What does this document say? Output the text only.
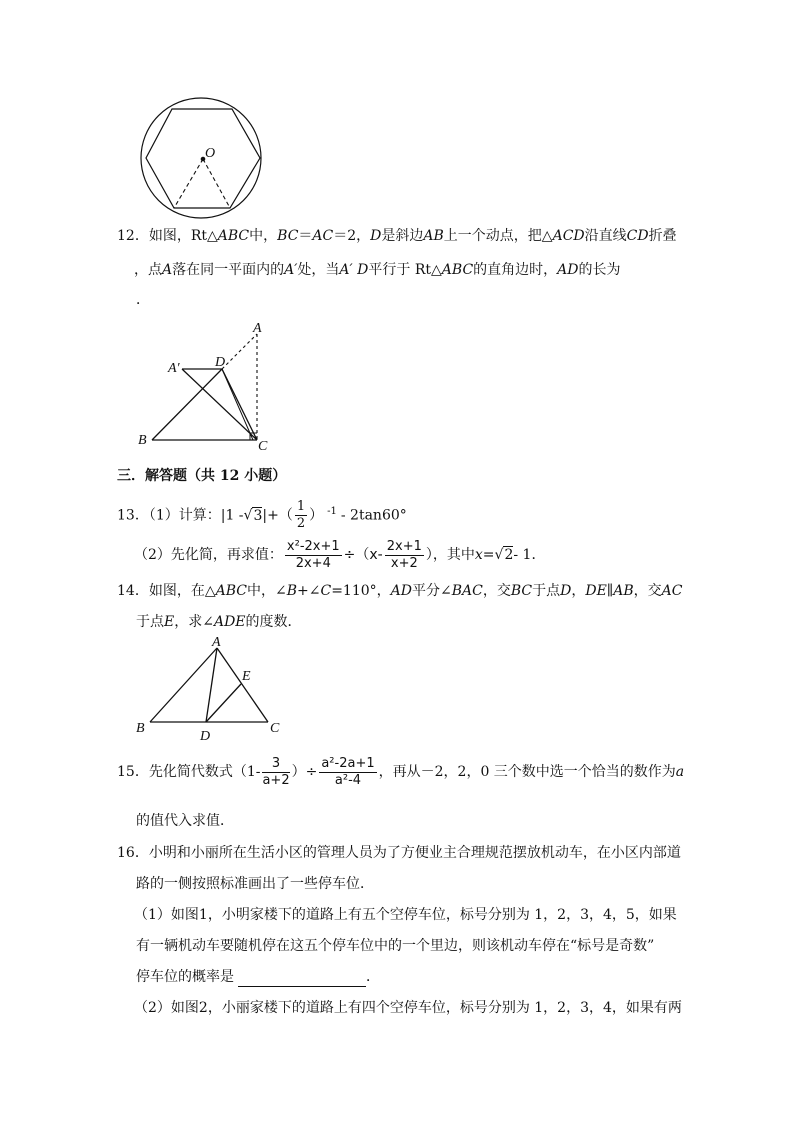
O
12．如图，Rt△ABC中，BC＝AC＝2，D是斜边AB上一个动点，把△ACD沿直线CD折叠
，点A落在同一平面内的A′处，当A′ D平行于 Rt△ABC的直角边时，AD的长为
．
A
A′	D
B	C
三．解答题（共 12 小题）
13．（1）计算：|1 $-√3|+( \frac{1}{2}$ ） $^{-1}$ - 2tan60°
（2）先化简，再求值： $\frac{\text{x²-2x+1}}{2x+4} \div(x- \frac{2x+1}{x+2}$ ），其中x=√2- 1．
14．如图，在△ABC中，∠B+∠C=110°，AD平分∠BAC，交BC于点D，DE∥AB，交AC
于点E，求∠ADE的度数．
A
E
B
D
C
15．先化简代数式（$1- \frac{3}{a+2}$ ）÷ $\frac{\text{a²-2a+1}}{\text{a²-4}}$ ，再从－2，2，0 三个数中选一个恰当的数作为a
的值代入求值．
16．小明和小丽所在生活小区的管理人员为了方便业主合理规范摆放机动车，在小区内部道
路的一侧按照标准画出了一些停车位．
（1）如图1，小明家楼下的道路上有五个空停车位，标号分别为 1，2，3，4，5，如果
有一辆机动车要随机停在这五个停车位中的一个里边，则该机动车停在“标号是奇数”
停车位的概率是	．
（2）如图2，小丽家楼下的道路上有四个空停车位，标号分别为 1，2，3，4，如果有两
